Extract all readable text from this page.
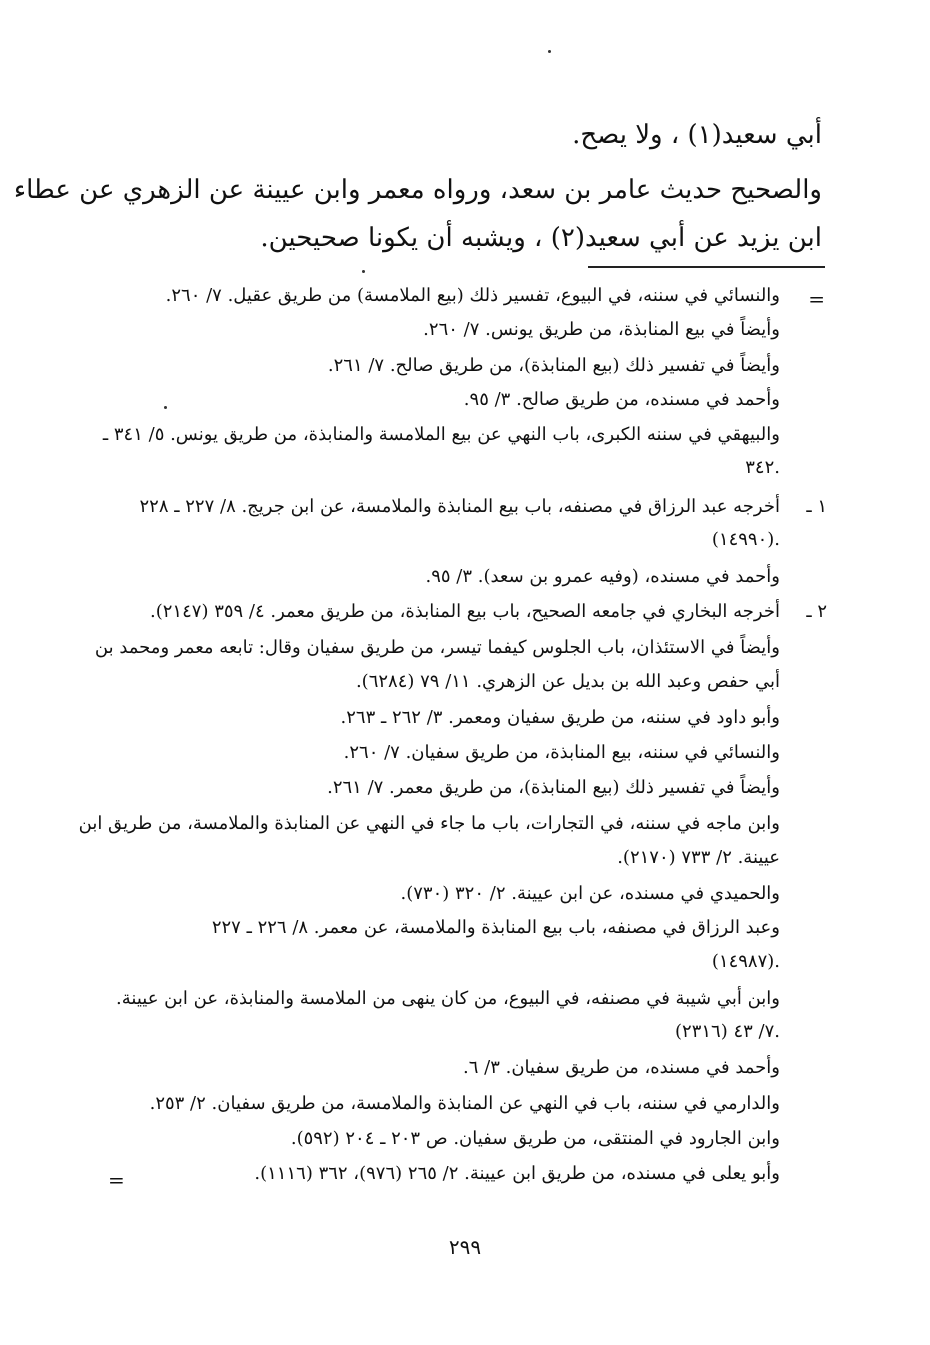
أبي سعيد(١) ، ولا يصح.
والصحيح حديث عامر بن سعد، ورواه معمر وابن عيينة عن الزهري عن عطاء
ابن يزيد عن أبي سعيد(٢) ، ويشبه أن يكونا صحيحين.
=
والنسائي في سننه، في البيوع، تفسير ذلك (بيع الملامسة) من طريق عقيل. ٧/ ٢٦٠.
وأيضاً في بيع المنابذة، من طريق يونس. ٧/ ٢٦٠.
وأيضاً في تفسير ذلك (بيع المنابذة)، من طريق صالح. ٧/ ٢٦١.
وأحمد في مسنده، من طريق صالح. ٣/ ٩٥.
والبيهقي في سننه الكبرى، باب النهي عن بيع الملامسة والمنابذة، من طريق يونس. ٥/ ٣٤١ ـ
٣٤٢.
١ ـ
أخرجه عبد الرزاق في مصنفه، باب بيع المنابذة والملامسة، عن ابن جريج. ٨/ ٢٢٧ ـ ٢٢٨
(١٤٩٩٠).
وأحمد في مسنده، (وفيه عمرو بن سعد). ٣/ ٩٥.
٢ ـ
أخرجه البخاري في جامعه الصحيح، باب بيع المنابذة، من طريق معمر. ٤/ ٣٥٩ (٢١٤٧).
وأيضاً في الاستئذان، باب الجلوس كيفما تيسر، من طريق سفيان وقال: تابعه معمر ومحمد بن
أبي حفص وعبد الله بن بديل عن الزهري. ١١/ ٧٩ (٦٢٨٤).
وأبو داود في سننه، من طريق سفيان ومعمر. ٣/ ٢٦٢ ـ ٢٦٣.
والنسائي في سننه، بيع المنابذة، من طريق سفيان. ٧/ ٢٦٠.
وأيضاً في تفسير ذلك (بيع المنابذة)، من طريق معمر. ٧/ ٢٦١.
وابن ماجه في سننه، في التجارات، باب ما جاء في النهي عن المنابذة والملامسة، من طريق ابن
عيينة. ٢/ ٧٣٣ (٢١٧٠).
والحميدي في مسنده، عن ابن عيينة. ٢/ ٣٢٠ (٧٣٠).
وعبد الرزاق في مصنفه، باب بيع المنابذة والملامسة، عن معمر. ٨/ ٢٢٦ ـ ٢٢٧
(١٤٩٨٧).
وابن أبي شيبة في مصنفه، في البيوع، من كان ينهى من الملامسة والمنابذة، عن ابن عيينة.
٧/ ٤٣ (٢٣١٦).
وأحمد في مسنده، من طريق سفيان. ٣/ ٦.
والدارمي في سننه، باب في النهي عن المنابذة والملامسة، من طريق سفيان. ٢/ ٢٥٣.
وابن الجارود في المنتقى، من طريق سفيان. ص ٢٠٣ ـ ٢٠٤ (٥٩٢).
وأبو يعلى في مسنده، من طريق ابن عيينة. ٢/ ٢٦٥ (٩٧٦)، ٣٦٢ (١١١٦).
=
٢٩٩
